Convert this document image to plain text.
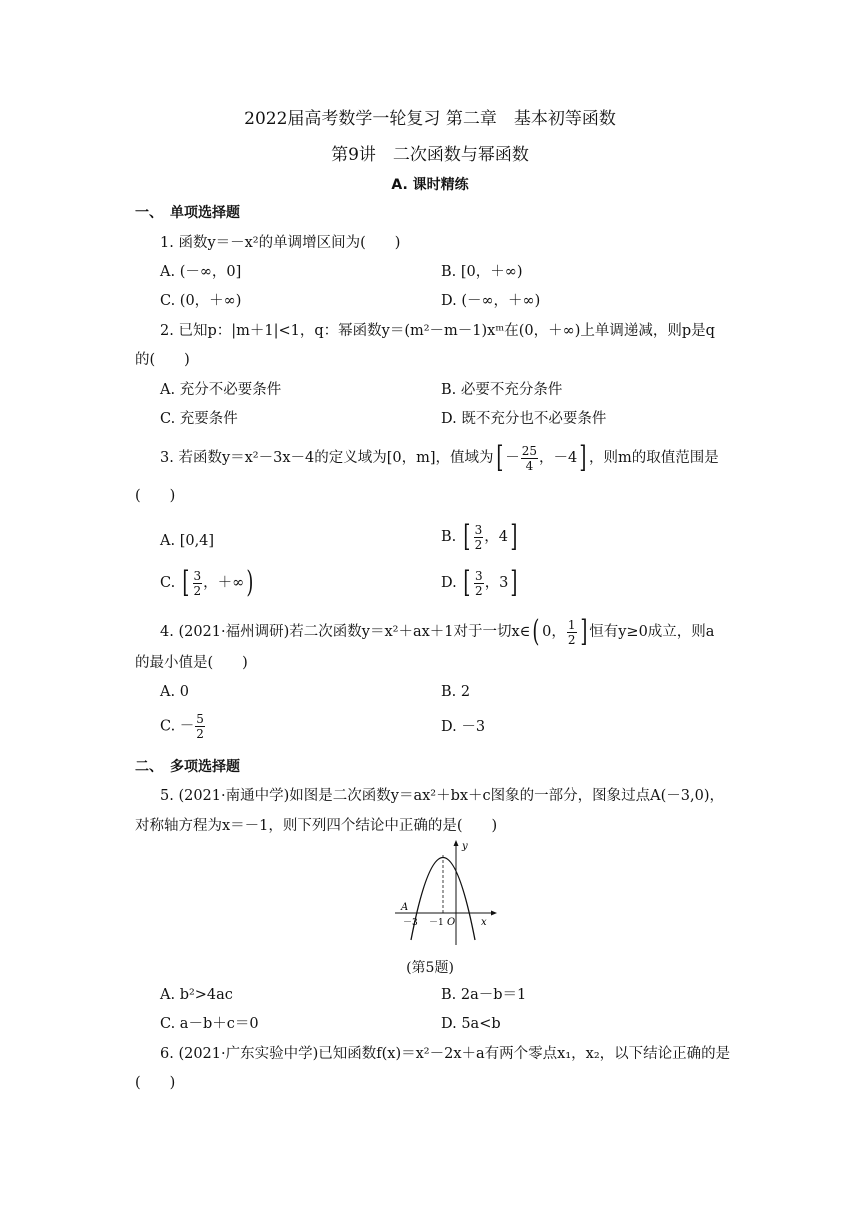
2022届高考数学一轮复习 第二章　基本初等函数
第9讲　二次函数与幂函数
A. 课时精练
一、　单项选择题
1. 函数y＝－x²的单调增区间为(　　)
A. (－∞，0]	B. [0，＋∞)
C. (0，＋∞)	D. (－∞，＋∞)
2. 已知p：|m＋1|<1，q：幂函数y＝(m²－m－1)xᵐ在(0，＋∞)上单调递减，则p是q
的(　　)
A. 充分不必要条件	B. 必要不充分条件
C. 充要条件	D. 既不充分也不必要条件
3. 若函数y＝x²－3x－4的定义域为[0，m]，值域为[ － $\frac{25}{4}$ ，－4] ，则m的取值范围是
(　　)
A. [0,4]	B. [ $\frac{3}{2}$ ，4]
C. [ $\frac{3}{2}$ ，＋∞)	D. [ $\frac{3}{2}$ ，3]
4. (2021·福州调研)若二次函数y＝x²＋ax＋1对于一切x∈( 0， $\frac{1}{2}$ ] 恒有y≥0成立，则a
的最小值是(　　)
A. 0	B. 2
C. － $\frac{5}{2}$	D. －3
二、　多项选择题
5. (2021·南通中学)如图是二次函数y＝ax²＋bx＋c图象的一部分，图象过点A(－3,0)，
对称轴方程为x＝－1，则下列四个结论中正确的是(　　)
y
x
A
O
－3 －1
(第5题)
A. b²>4ac	B. 2a－b＝1
C. a－b＋c＝0	D. 5a<b
6. (2021·广东实验中学)已知函数f(x)＝x²－2x＋a有两个零点x₁，x₂，以下结论正确的是
(　　)
